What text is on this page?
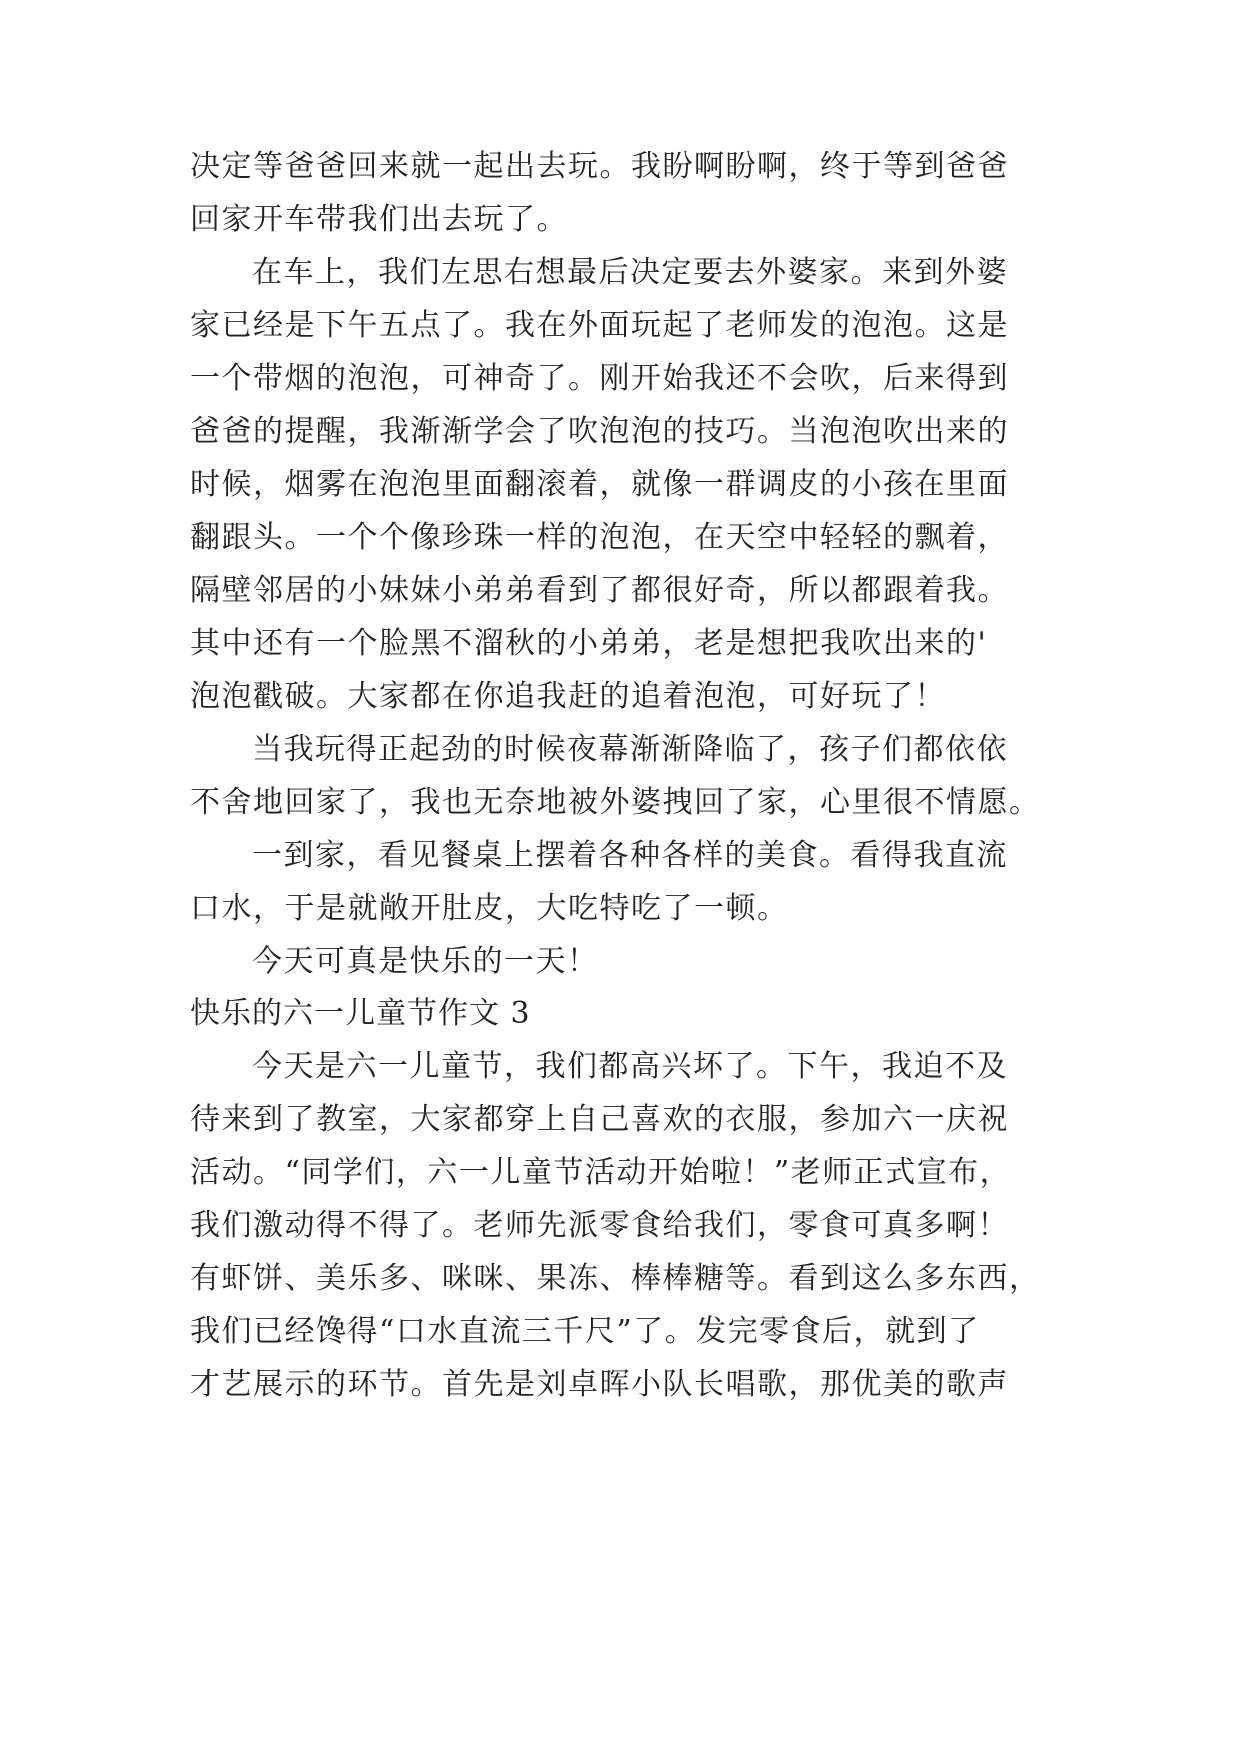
决定等爸爸回来就一起出去玩。我盼啊盼啊，终于等到爸爸
回家开车带我们出去玩了。
在车上，我们左思右想最后决定要去外婆家。来到外婆
家已经是下午五点了。我在外面玩起了老师发的泡泡。这是
一个带烟的泡泡，可神奇了。刚开始我还不会吹，后来得到
爸爸的提醒，我渐渐学会了吹泡泡的技巧。当泡泡吹出来的
时候，烟雾在泡泡里面翻滚着，就像一群调皮的小孩在里面
翻跟头。一个个像珍珠一样的泡泡，在天空中轻轻的飘着，
隔壁邻居的小妹妹小弟弟看到了都很好奇，所以都跟着我。
其中还有一个脸黑不溜秋的小弟弟，老是想把我吹出来的'
泡泡戳破。大家都在你追我赶的追着泡泡，可好玩了！
当我玩得正起劲的时候夜幕渐渐降临了，孩子们都依依
不舍地回家了，我也无奈地被外婆拽回了家，心里很不情愿。
一到家，看见餐桌上摆着各种各样的美食。看得我直流
口水，于是就敞开肚皮，大吃特吃了一顿。
今天可真是快乐的一天！
快乐的六一儿童节作文 3
今天是六一儿童节，我们都高兴坏了。下午，我迫不及
待来到了教室，大家都穿上自己喜欢的衣服，参加六一庆祝
活动。“同学们，六一儿童节活动开始啦！”老师正式宣布，
我们激动得不得了。老师先派零食给我们，零食可真多啊！
有虾饼、美乐多、咪咪、果冻、棒棒糖等。看到这么多东西，
我们已经馋得“口水直流三千尺”了。发完零食后，就到了
才艺展示的环节。首先是刘卓晖小队长唱歌，那优美的歌声
